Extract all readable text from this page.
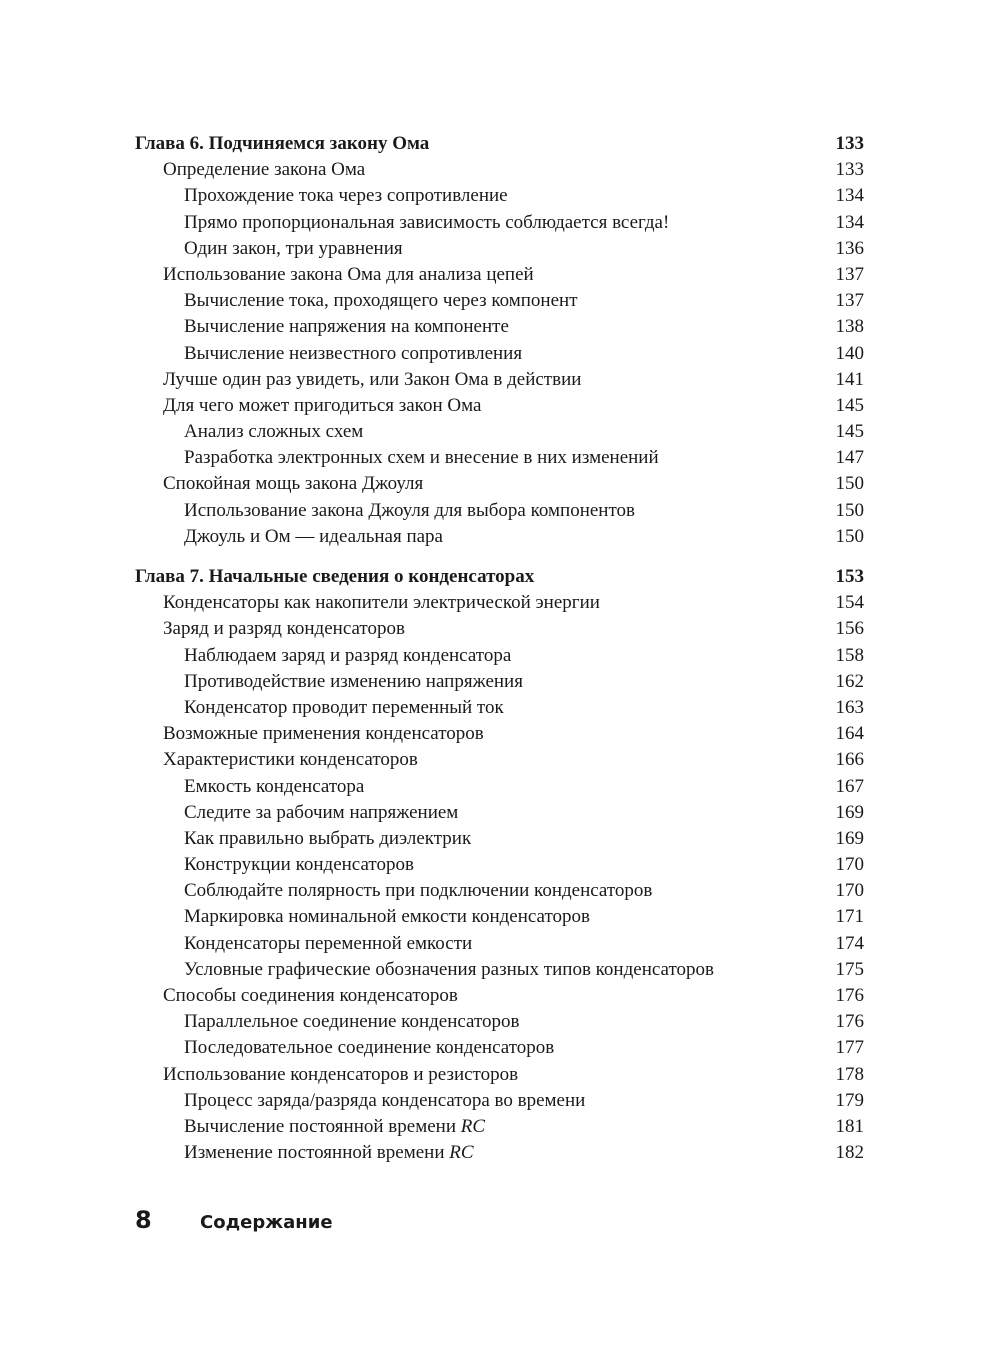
Глава 6. Подчиняемся закону Ома	133
Определение закона Ома	133
Прохождение тока через сопротивление	134
Прямо пропорциональная зависимость соблюдается всегда!	134
Один закон, три уравнения	136
Использование закона Ома для анализа цепей	137
Вычисление тока, проходящего через компонент	137
Вычисление напряжения на компоненте	138
Вычисление неизвестного сопротивления	140
Лучше один раз увидеть, или Закон Ома в действии	141
Для чего может пригодиться закон Ома	145
Анализ сложных схем	145
Разработка электронных схем и внесение в них изменений	147
Спокойная мощь закона Джоуля	150
Использование закона Джоуля для выбора компонентов	150
Джоуль и Ом — идеальная пара	150
Глава 7. Начальные сведения о конденсаторах	153
Конденсаторы как накопители электрической энергии	154
Заряд и разряд конденсаторов	156
Наблюдаем заряд и разряд конденсатора	158
Противодействие изменению напряжения	162
Конденсатор проводит переменный ток	163
Возможные применения конденсаторов	164
Характеристики конденсаторов	166
Емкость конденсатора	167
Следите за рабочим напряжением	169
Как правильно выбрать диэлектрик	169
Конструкции конденсаторов	170
Соблюдайте полярность при подключении конденсаторов	170
Маркировка номинальной емкости конденсаторов	171
Конденсаторы переменной емкости	174
Условные графические обозначения разных типов конденсаторов	175
Способы соединения конденсаторов	176
Параллельное соединение конденсаторов	176
Последовательное соединение конденсаторов	177
Использование конденсаторов и резисторов	178
Процесс заряда/разряда конденсатора во времени	179
Вычисление постоянной времени RC	181
Изменение постоянной времени RC	182
8	Содержание
